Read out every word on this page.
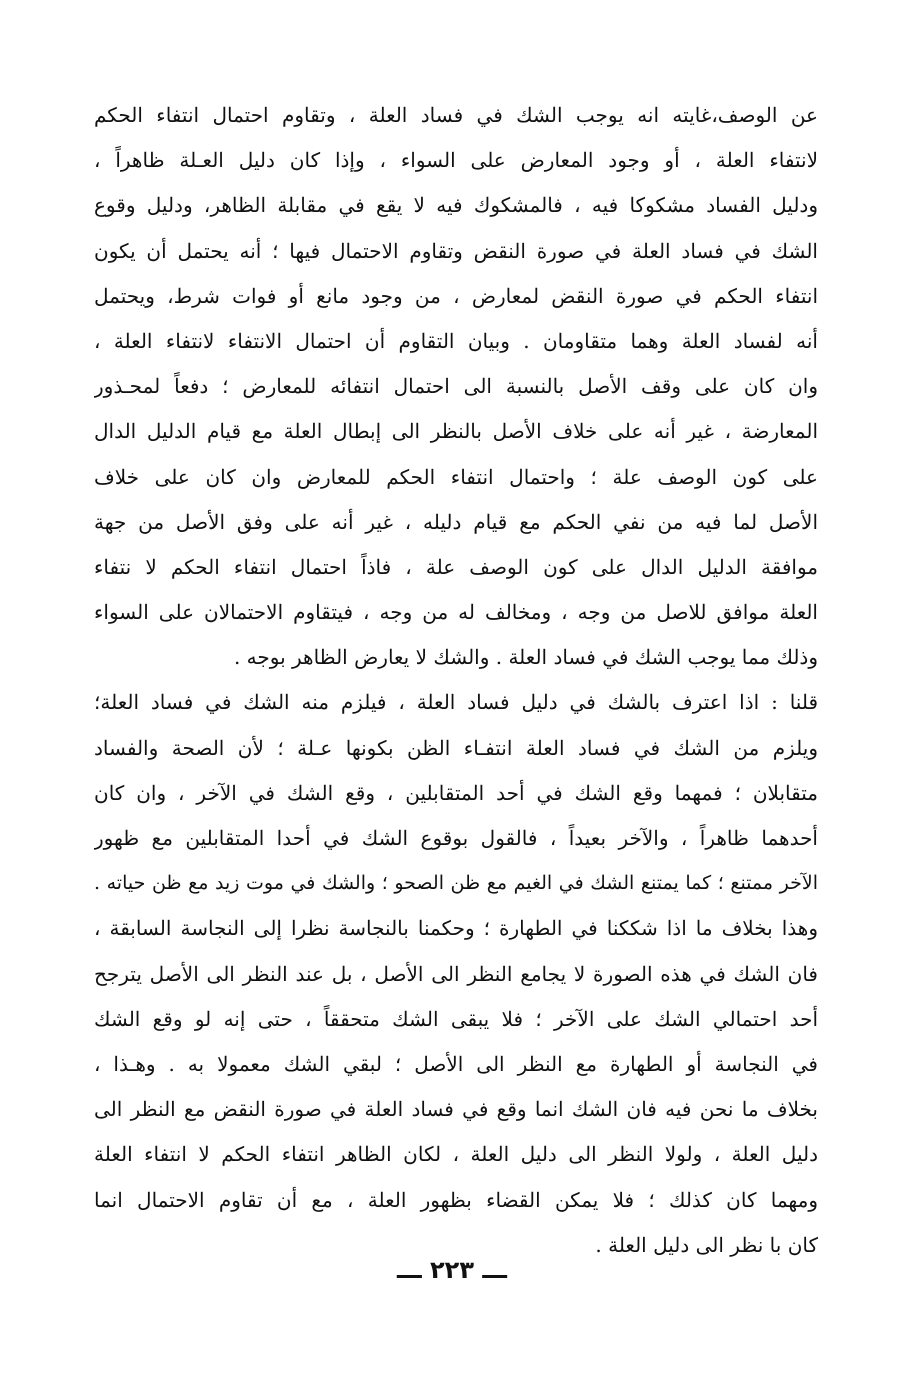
عن الوصف،غايته انه يوجب الشك في فساد العلة ، وتقاوم احتمال انتفاء الحكم
لانتفاء العلة ، أو وجود المعارض على السواء ، وإذا كان دليل العـلة ظاهراً ،
ودليل الفساد مشكوكا فيه ، فالمشكوك فيه لا يقع في مقابلة الظاهر، ودليل وقوع
الشك في فساد العلة في صورة النقض وتقاوم الاحتمال فيها ؛ أنه يحتمل أن يكون
انتفاء الحكم في صورة النقض لمعارض ، من وجود مانع أو فوات شرط، ويحتمل
أنه لفساد العلة وهما متقاومان . وبيان التقاوم أن احتمال الانتفاء لانتفاء العلة ،
وان كان على وقف الأصل بالنسبة الى احتمال انتفائه للمعارض ؛ دفعاً لمحـذور
المعارضة ، غير أنه على خلاف الأصل بالنظر الى إبطال العلة مع قيام الدليل الدال
على كون الوصف علة ؛ واحتمال انتفاء الحكم للمعارض وان كان على خلاف
الأصل لما فيه من نفي الحكم مع قيام دليله ، غير أنه على وفق الأصل من جهة
موافقة الدليل الدال على كون الوصف علة ، فاذاً احتمال انتفاء الحكم لا نتفاء
العلة موافق للاصل من وجه ، ومخالف له من وجه ، فيتقاوم الاحتمالان على السواء
وذلك مما يوجب الشك في فساد العلة . والشك لا يعارض الظاهر بوجه .
قلنا : اذا اعترف بالشك في دليل فساد العلة ، فيلزم منه الشك في فساد العلة؛
ويلزم من الشك في فساد العلة انتفـاء الظن بكونها عـلة ؛ لأن الصحة والفساد
متقابلان ؛ فمهما وقع الشك في أحد المتقابلين ، وقع الشك في الآخر ، وان كان
أحدهما ظاهراً ، والآخر بعيداً ، فالقول بوقوع الشك في أحدا المتقابلين مع ظهور
الآخر ممتنع ؛ كما يمتنع الشك في الغيم مع ظن الصحو ؛ والشك في موت زيد مع ظن حياته .
وهذا بخلاف ما اذا شككنا في الطهارة ؛ وحكمنا بالنجاسة نظرا إلى النجاسة السابقة ،
فان الشك في هذه الصورة لا يجامع النظر الى الأصل ، بل عند النظر الى الأصل يترجح
أحد احتمالي الشك على الآخر ؛ فلا يبقى الشك متحققاً ، حتى إنه لو وقع الشك
في النجاسة أو الطهارة مع النظر الى الأصل ؛ لبقي الشك معمولا به . وهـذا ،
بخلاف ما نحن فيه فان الشك انما وقع في فساد العلة في صورة النقض مع النظر الى
دليل العلة ، ولولا النظر الى دليل العلة ، لكان الظاهر انتفاء الحكم لا انتفاء العلة
ومهما كان كذلك ؛ فلا يمكن القضاء بظهور العلة ، مع أن تقاوم الاحتمال انما
كان با نظر الى دليل العلة .
ـــ ٢٢٣ ـــ
